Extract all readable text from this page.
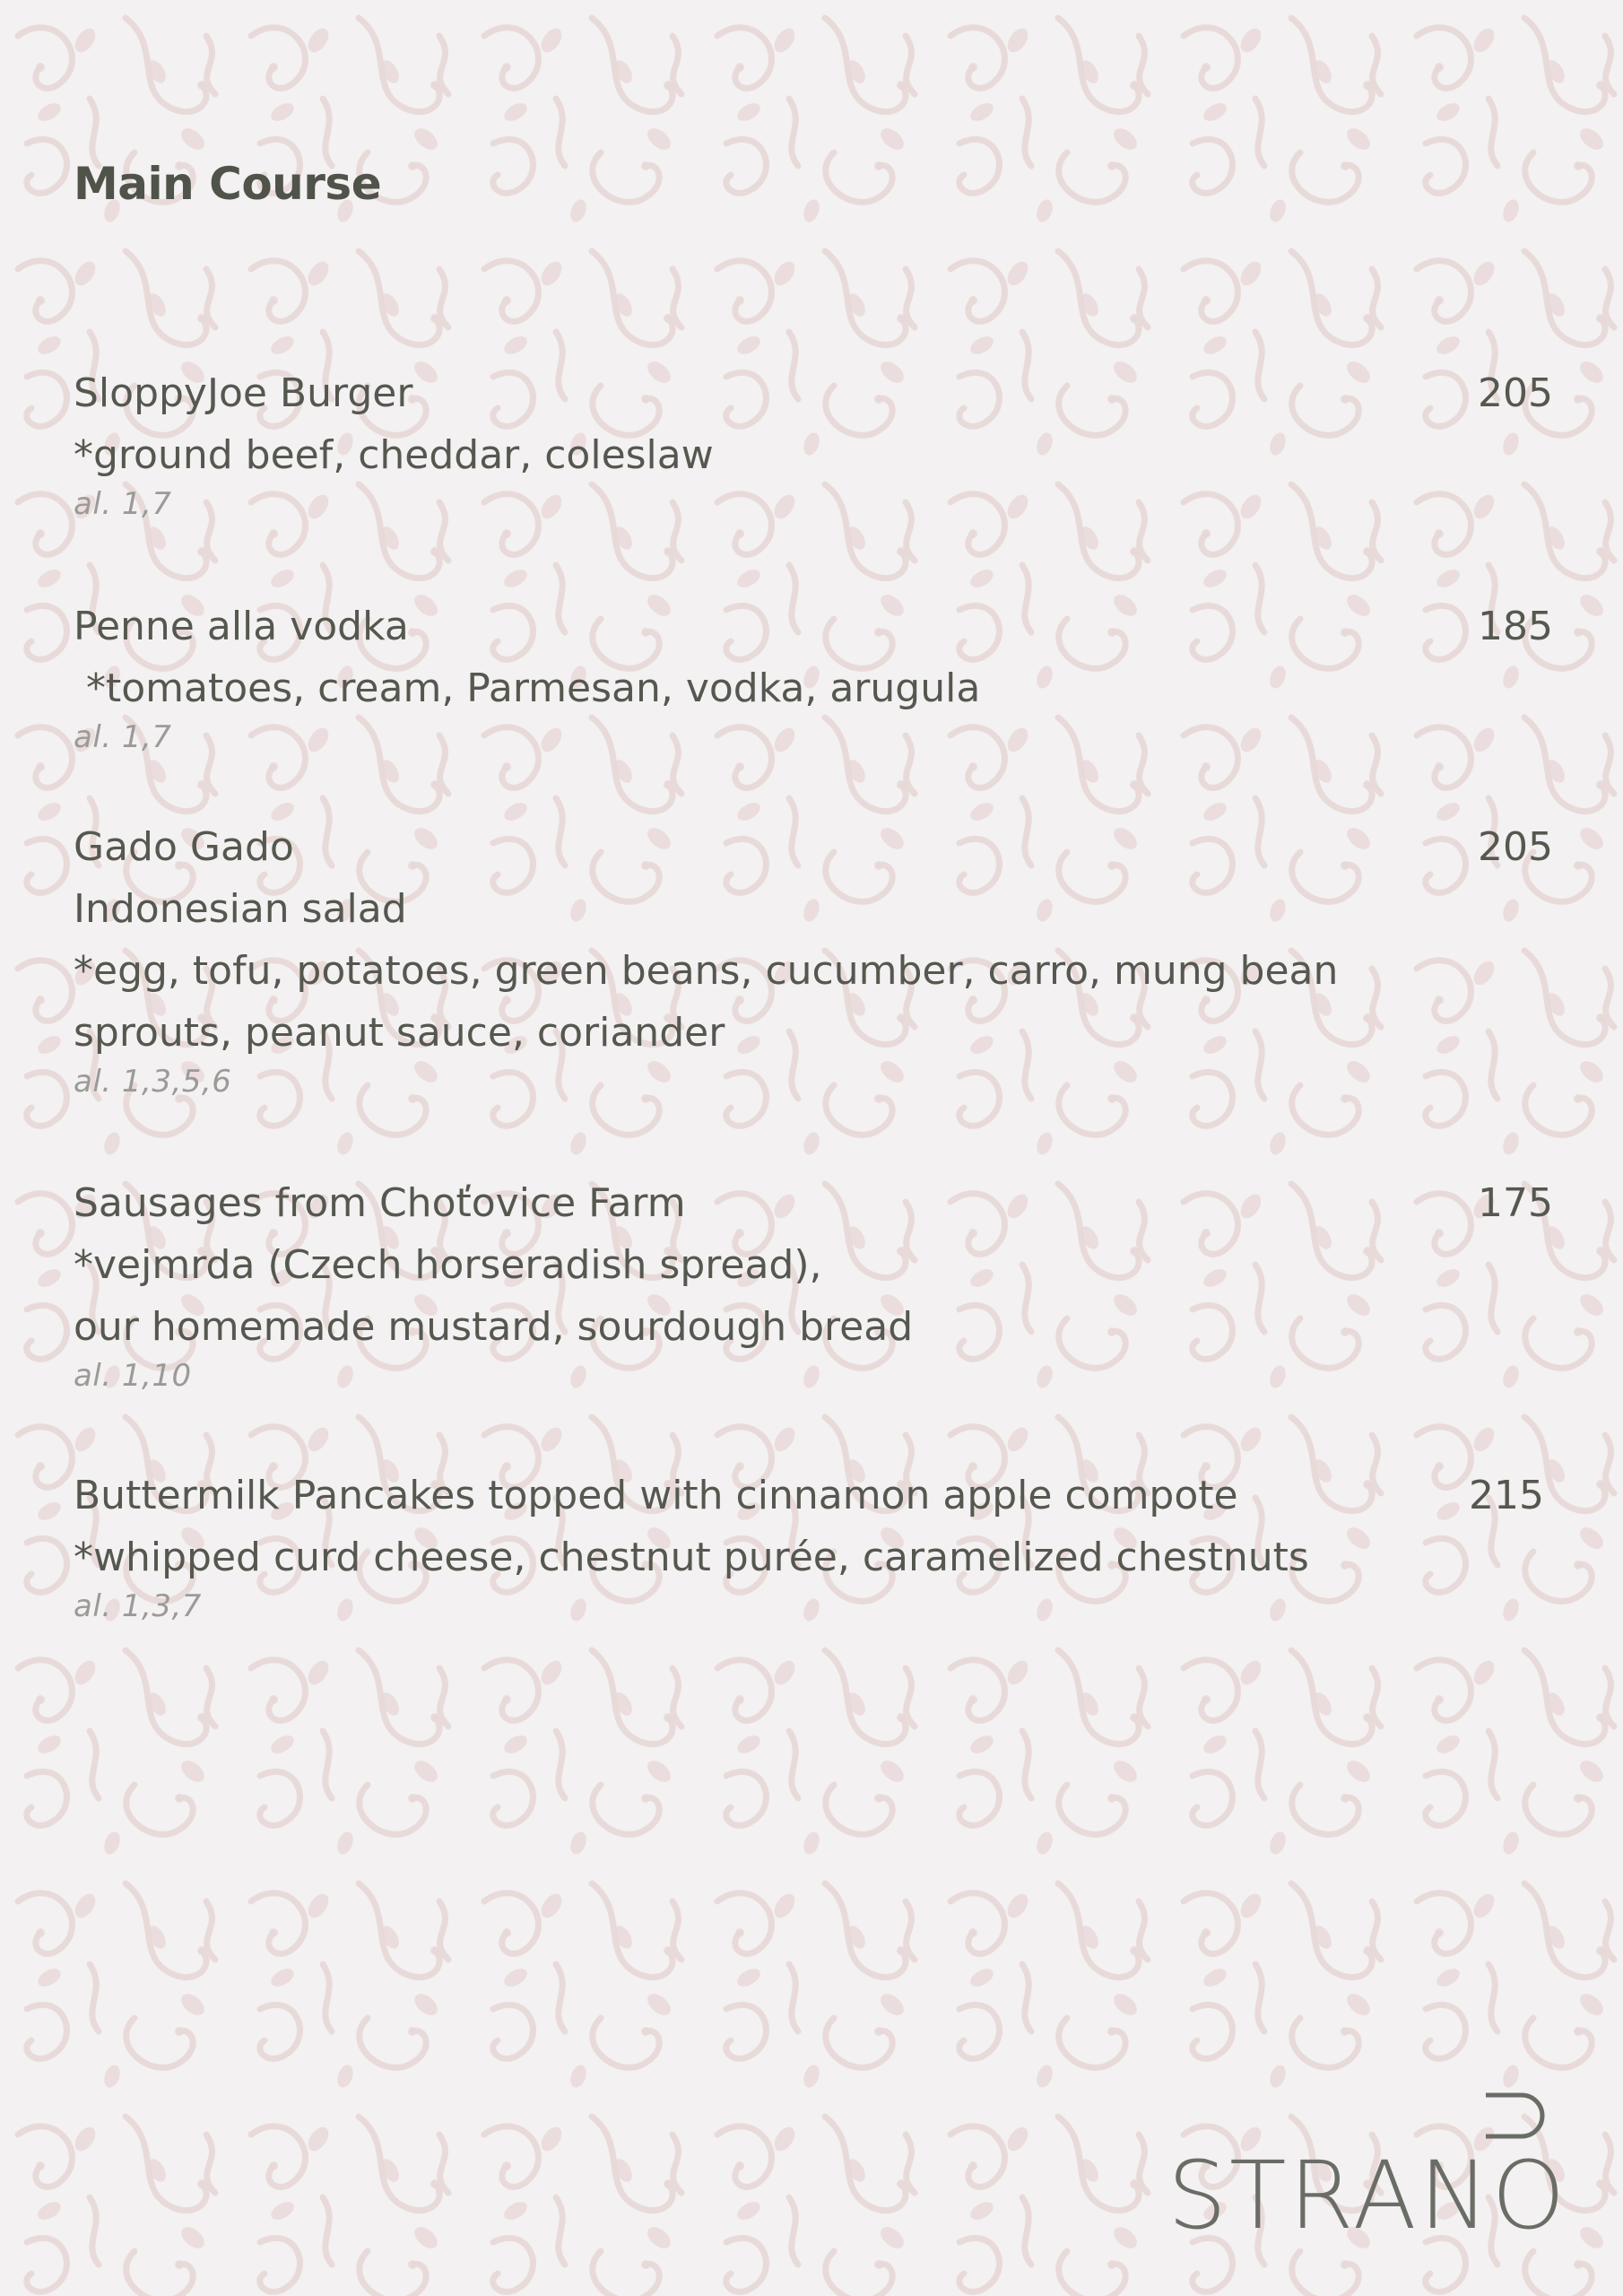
Main Course
SloppyJoe Burger	205
*ground beef, cheddar, coleslaw
al. 1,7
Penne alla vodka	185
*tomatoes, cream, Parmesan, vodka, arugula
al. 1,7
Gado Gado	205
Indonesian salad
*egg, tofu, potatoes, green beans, cucumber, carro, mung bean sprouts, peanut sauce, coriander
al. 1,3,5,6
Sausages from Choťovice Farm	175
*vejmrda (Czech horseradish spread),
our homemade mustard, sourdough bread
al. 1,10
Buttermilk Pancakes topped with cinnamon apple compote	215
*whipped curd cheese, chestnut purée, caramelized chestnuts
al. 1,3,7
STRANO
